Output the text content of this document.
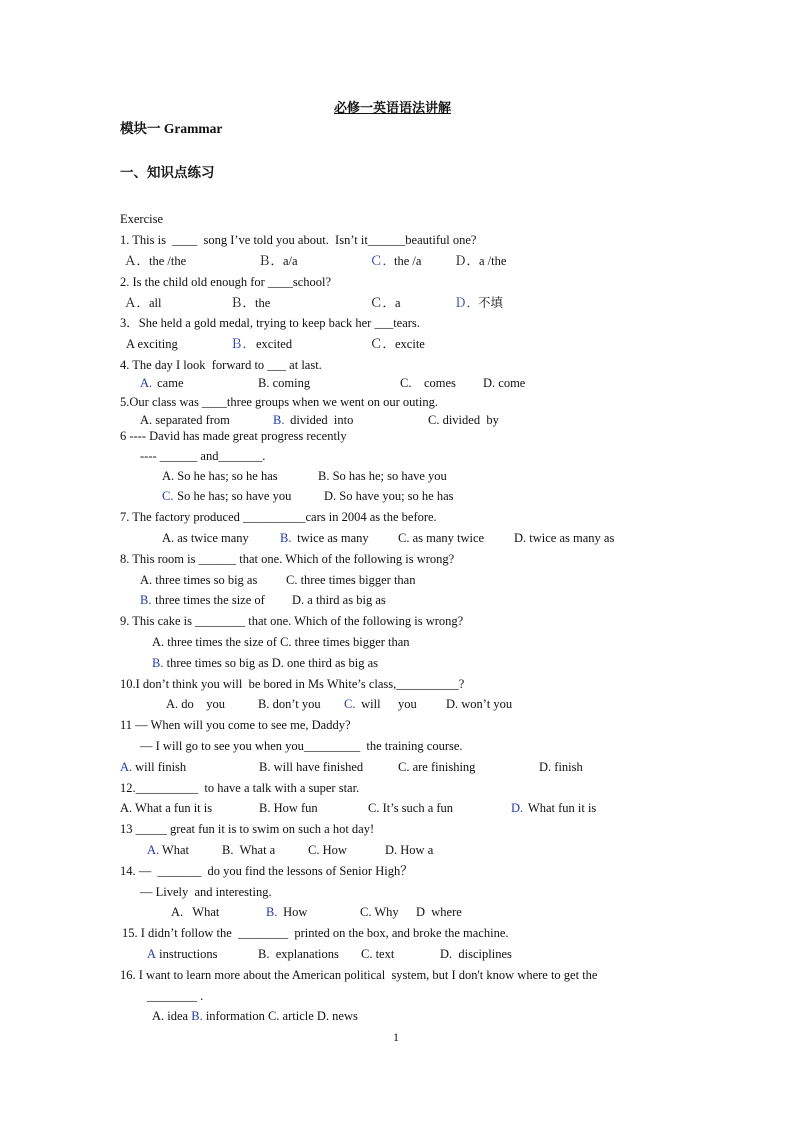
必修一英语语法讲解
模块一 Grammar
一、知识点练习
Exercise
1. This is  ____  song I’ve told you about.  Isn’t it______beautiful one?
Ａ．the /the	Ｂ．a/a	Ｃ．
the /a	Ｄ．a /the
2. Is the child old enough for ____school?
Ａ．all	Ｂ．the	Ｃ．a	Ｄ．
不填
3．She held a gold medal, trying to keep back her ___tears.
A exciting	Ｂ． excited	Ｃ．excite
4. The day I look  forward to ___ at last.
A. came	B. coming	C.    comes D. come
5.Our class was ____three groups when we went on our outing.
A. separated from	B. divided  into	C. divided  by
6 ---- David has made great progress recently
---- ______ and_______.
A. So he has; so he has	B. So has he; so have you
C. So he has; so have you	D. So have you; so he has
7. The factory produced __________cars in 2004 as the before.
A. as twice many B. twice as many C. as many twice D. twice as many as
8. This room is ______ that one. Which of the following is wrong?
A. three times so big as C. three times bigger than
B. three times the size of D. a third as big as
9. This cake is ________ that one. Which of the following is wrong?
A. three times the size of C. three times bigger than
B. three times so big as D. one third as big as
10.I don’t think you will  be bored in Ms White’s class,__________?
A. do    you	B. don’t you C. will you D. won’t you
11 — When will you come to see me, Daddy?
— I will go to see you when you_________  the training course.
A. will finish	B. will have finished	C. are finishing	D. finish
12.__________  to have a talk with a super star.
A. What a fun it is	B. How fun	C. It’s such a fun	D. What fun it is
13 _____ great fun it is to swim on such a hot day!
A. What	B.  What a	C. How	D. How a
14. —  _______  do you find the lessons of Senior High？
— Lively  and interesting.
A.   What	B. How	C. Why D  where
15. I didn’t follow the  ________  printed on the box, and broke the machine.
A instructions	B.  explanations C. text	D.  disciplines
16. I want to learn more about the American political  system, but I don't know where to get the
________ .
A. idea B. information C. article D. news
1
